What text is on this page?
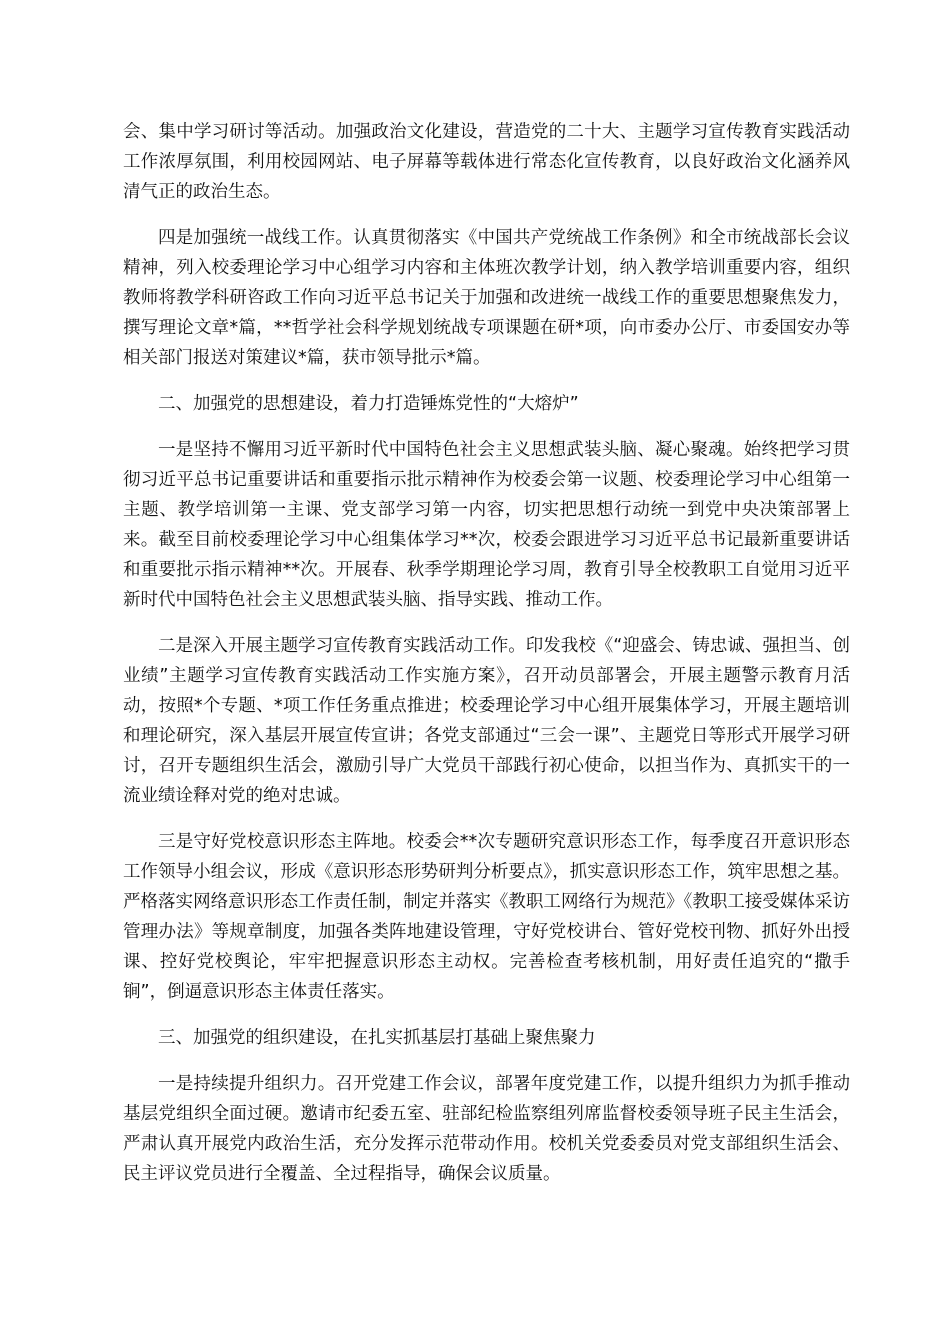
会、集中学习研讨等活动。加强政治文化建设，营造党的二十大、主题学习宣传教育实践活动工作浓厚氛围，利用校园网站、电子屏幕等载体进行常态化宣传教育，以良好政治文化涵养风清气正的政治生态。

四是加强统一战线工作。认真贯彻落实《中国共产党统战工作条例》和全市统战部长会议精神，列入校委理论学习中心组学习内容和主体班次教学计划，纳入教学培训重要内容，组织教师将教学科研咨政工作向习近平总书记关于加强和改进统一战线工作的重要思想聚焦发力，撰写理论文章*篇，**哲学社会科学规划统战专项课题在研*项，向市委办公厅、市委国安办等相关部门报送对策建议*篇，获市领导批示*篇。

二、加强党的思想建设，着力打造锤炼党性的“大熔炉”

一是坚持不懈用习近平新时代中国特色社会主义思想武装头脑、凝心聚魂。始终把学习贯彻习近平总书记重要讲话和重要指示批示精神作为校委会第一议题、校委理论学习中心组第一主题、教学培训第一主课、党支部学习第一内容，切实把思想行动统一到党中央决策部署上来。截至目前校委理论学习中心组集体学习**次，校委会跟进学习习近平总书记最新重要讲话和重要批示指示精神**次。开展春、秋季学期理论学习周，教育引导全校教职工自觉用习近平新时代中国特色社会主义思想武装头脑、指导实践、推动工作。

二是深入开展主题学习宣传教育实践活动工作。印发我校《“迎盛会、铸忠诚、强担当、创业绩”主题学习宣传教育实践活动工作实施方案》，召开动员部署会，开展主题警示教育月活动，按照*个专题、*项工作任务重点推进；校委理论学习中心组开展集体学习，开展主题培训和理论研究，深入基层开展宣传宣讲；各党支部通过“三会一课”、主题党日等形式开展学习研讨，召开专题组织生活会，激励引导广大党员干部践行初心使命，以担当作为、真抓实干的一流业绩诠释对党的绝对忠诚。

三是守好党校意识形态主阵地。校委会**次专题研究意识形态工作，每季度召开意识形态工作领导小组会议，形成《意识形态形势研判分析要点》，抓实意识形态工作，筑牢思想之基。严格落实网络意识形态工作责任制，制定并落实《教职工网络行为规范》《教职工接受媒体采访管理办法》等规章制度，加强各类阵地建设管理，守好党校讲台、管好党校刊物、抓好外出授课、控好党校舆论，牢牢把握意识形态主动权。完善检查考核机制，用好责任追究的“撒手锏”，倒逼意识形态主体责任落实。

三、加强党的组织建设，在扎实抓基层打基础上聚焦聚力

一是持续提升组织力。召开党建工作会议，部署年度党建工作，以提升组织力为抓手推动基层党组织全面过硬。邀请市纪委五室、驻部纪检监察组列席监督校委领导班子民主生活会，严肃认真开展党内政治生活，充分发挥示范带动作用。校机关党委委员对党支部组织生活会、民主评议党员进行全覆盖、全过程指导，确保会议质量。
